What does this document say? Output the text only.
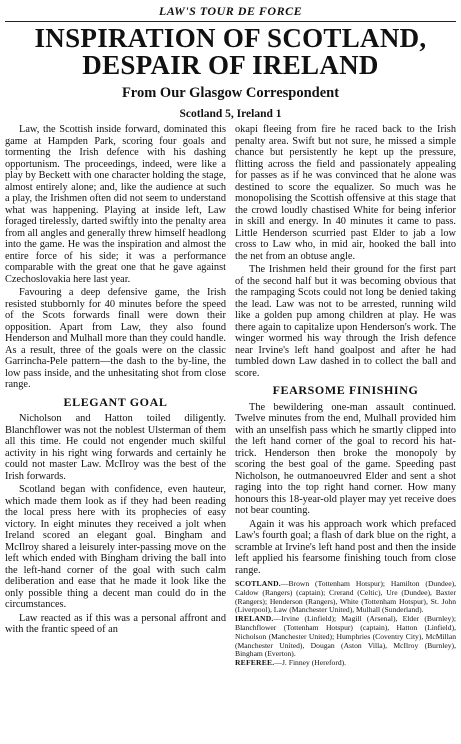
LAW'S TOUR DE FORCE
INSPIRATION OF SCOTLAND,
DESPAIR OF IRELAND
From Our Glasgow Correspondent
Scotland 5, Ireland 1

Law, the Scottish inside forward, dominated this game at Hampden Park, scoring four goals and tormenting the Irish defence with his dashing opportunism. The proceedings, indeed, were like a play by Beckett with one character holding the stage, almost entirely alone; and, like the audience at such a play, the Irishmen often did not seem to understand what was happening. Playing at inside left, Law foraged tirelessly, darted swiftly into the penalty area from all angles and generally threw himself headlong into the game. He was the inspiration and almost the entire force of his side; it was a performance comparable with the great one that he gave against Czechoslovakia here last year.

Favouring a deep defensive game, the Irish resisted stubbornly for 40 minutes before the speed of the Scots forwards finall were down their opposition. Apart from Law, they also found Henderson and Mulhall more than they could handle. As a result, three of the goals were on the classic Garrincha-Pele pattern—the dash to the by-line, the low pass inside, and the unhesitating shot from close range.

ELEGANT GOAL

Nicholson and Hatton toiled diligently. Blanchflower was not the noblest Ulsterman of them all this time. He could not engender much skilful activity in his right wing forwards and certainly he could not master Law. McIlroy was the best of the Irish forwards.

Scotland began with confidence, even hauteur, which made them look as if they had been reading the local press here with its prophecies of easy victory. In eight minutes they received a jolt when Ireland scored an elegant goal. Bingham and McIlroy shared a leisurely inter-passing move on the left which ended with Bingham driving the ball into the left-hand corner of the goal with such calm deliberation and ease that he made it look like the only possible thing a decent man could do in the circumstances.

Law reacted as if this was a personal affront and with the frantic speed of an

okapi fleeing from fire he raced back to the Irish penalty area. Swift but not sure, he missed a simple chance but persistently he kept up the pressure, flitting across the field and passionately appealing for passes as if he was convinced that he alone was destined to score the equalizer. So much was he monopolising the Scottish offensive at this stage that the crowd loudly chastised White for being inferior in skill and energy. In 40 minutes it came to pass. Little Henderson scurried past Elder to jab a low cross to Law who, in mid air, hooked the ball into the net from an obtuse angle.

The Irishmen held their ground for the first part of the second half but it was becoming obvious that the rampaging Scots could not long be denied taking the lead. Law was not to be arrested, running wild like a golden pup among children at play. He was there again to capitalize upon Henderson's work. The winger wormed his way through the Irish defence near Irvine's left hand goalpost and after he had tumbled down Law dashed in to collect the ball and score.

FEARSOME FINISHING

The bewildering one-man assault continued. Twelve minutes from the end, Mulhall provided him with an unselfish pass which he smartly clipped into the left hand corner of the goal to record his hat-trick. Henderson then broke the monopoly by scoring the best goal of the game. Speeding past Nicholson, he outmanoeuvred Elder and sent a shot raging into the top right hand corner. How many honours this 18-year-old player may yet receive does not bear counting.

Again it was his approach work which prefaced Law's fourth goal; a flash of dark blue on the right, a scramble at Irvine's left hand post and then the inside left applied his fearsome finishing touch from close range.

SCOTLAND.—Brown (Tottenham Hotspur); Hamilton (Dundee), Caldow (Rangers) (captain); Crerand (Celtic), Ure (Dundee), Baxter (Rangers); Henderson (Rangers), White (Tottenham Hotspur), St. John (Liverpool), Law (Manchester United), Mulhall (Sunderland).

IRELAND.—Irvine (Linfield); Magill (Arsenal), Elder (Burnley); Blanchflower (Tottenham Hotspur) (captain), Hatton (Linfield), Nicholson (Manchester United); Humphries (Coventry City), McMillan (Manchester United), Dougan (Aston Villa), McIlroy (Burnley), Bingham (Everton).

REFEREE.—J. Finney (Hereford).
